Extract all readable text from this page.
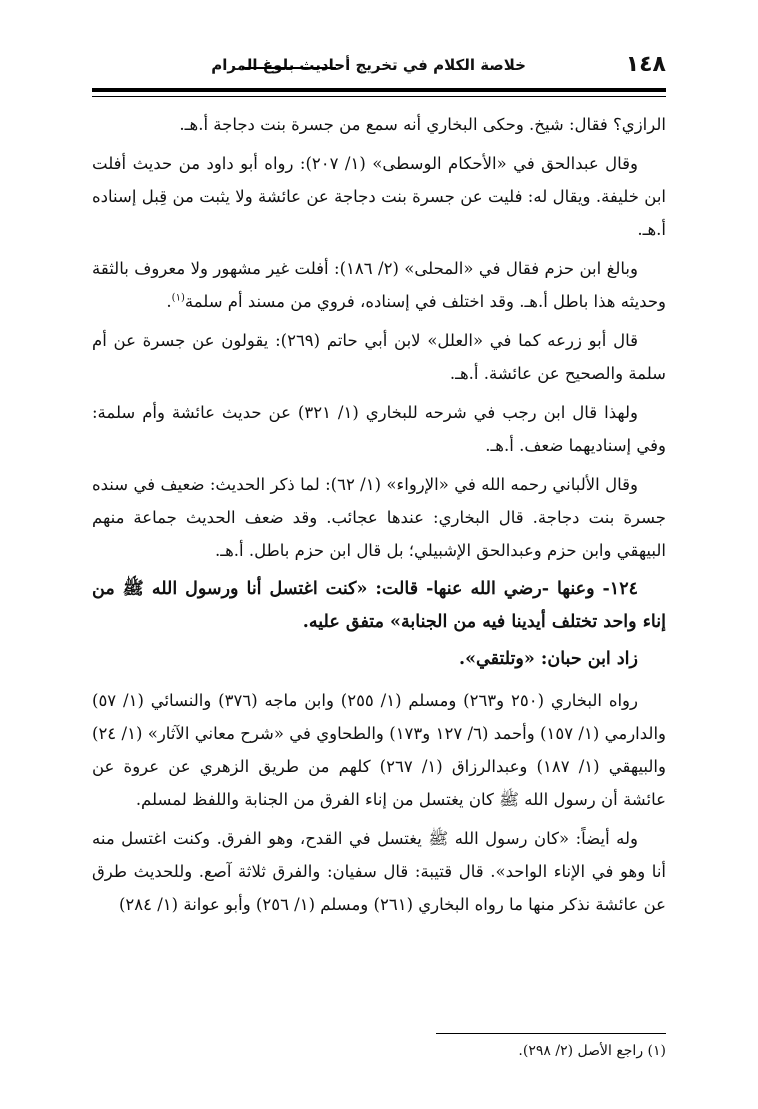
١٤٨
خلاصة الكلام في تخريج أحاديث بلوغ المرام

الرازي؟ فقال: شيخ. وحكى البخاري أنه سمع من جسرة بنت دجاجة أ.هـ.

وقال عبدالحق في «الأحكام الوسطى» (١/ ٢٠٧): رواه أبو داود من حديث أفلت ابن خليفة. ويقال له: فليت عن جسرة بنت دجاجة عن عائشة ولا يثبت من قِبل إسناده أ.هـ.

وبالغ ابن حزم فقال في «المحلى» (٢/ ١٨٦): أفلت غير مشهور ولا معروف بالثقة وحديثه هذا باطل أ.هـ. وقد اختلف في إسناده، فروي من مسند أم سلمة$^{(١)}$.

قال أبو زرعه كما في «العلل» لابن أبي حاتم (٢٦٩): يقولون عن جسرة عن أم سلمة والصحيح عن عائشة. أ.هـ.

ولهذا قال ابن رجب في شرحه للبخاري (١/ ٣٢١) عن حديث عائشة وأم سلمة: وفي إسناديهما ضعف. أ.هـ.

وقال الألباني رحمه الله في «الإرواء» (١/ ٦٢): لما ذكر الحديث: ضعيف في سنده جسرة بنت دجاجة. قال البخاري: عندها عجائب. وقد ضعف الحديث جماعة منهم البيهقي وابن حزم وعبدالحق الإشبيلي؛ بل قال ابن حزم باطل. أ.هـ.

١٢٤- وعنها -رضي الله عنها- قالت: «كنت اغتسل أنا ورسول الله ﷺ من إناء واحد تختلف أيدينا فيه من الجنابة» متفق عليه.

زاد ابن حبان: «وتلتقي».

رواه البخاري (٢٥٠ و٢٦٣) ومسلم (١/ ٢٥٥) وابن ماجه (٣٧٦) والنسائي (١/ ٥٧) والدارمي (١/ ١٥٧) وأحمد (٦/ ١٢٧ و١٧٣) والطحاوي في «شرح معاني الآثار» (١/ ٢٤) والبيهقي (١/ ١٨٧) وعبدالرزاق (١/ ٢٦٧) كلهم من طريق الزهري عن عروة عن عائشة أن رسول الله ﷺ كان يغتسل من إناء الفرق من الجنابة واللفظ لمسلم.

وله أيضاً: «كان رسول الله ﷺ يغتسل في القدح، وهو الفرق. وكنت اغتسل منه أنا وهو في الإناء الواحد». قال قتيبة: قال سفيان: والفرق ثلاثة آصع. وللحديث طرق عن عائشة نذكر منها ما رواه البخاري (٢٦١) ومسلم (١/ ٢٥٦) وأبو عوانة (١/ ٢٨٤)

(١) راجع الأصل (٢/ ٢٩٨).
